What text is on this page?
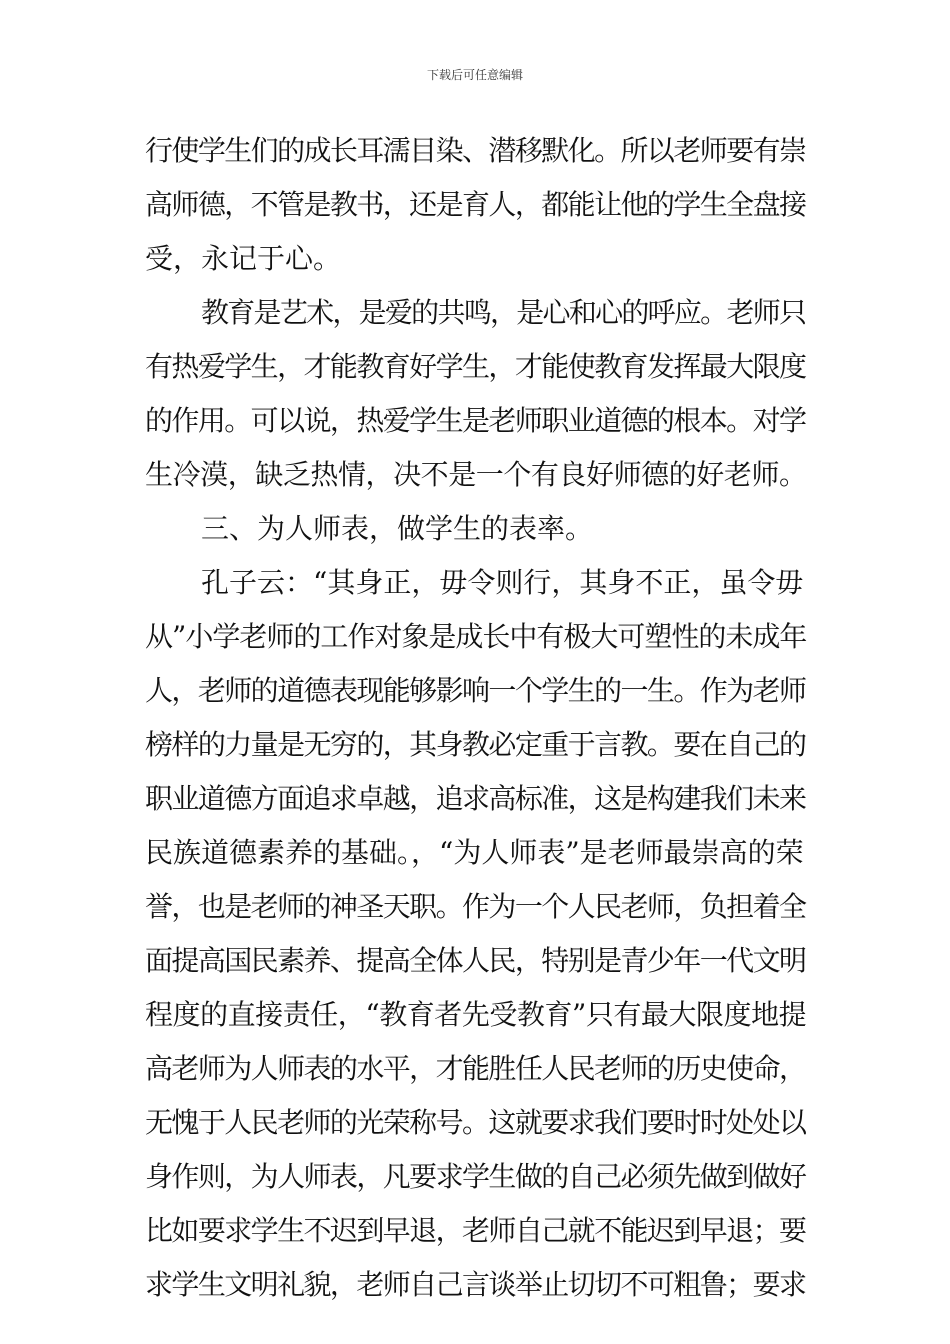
下载后可任意编辑
行使学生们的成长耳濡目染、潜移默化。所以老师要有崇
高师德，不管是教书，还是育人，都能让他的学生全盘接
受，永记于心。
教育是艺术，是爱的共鸣，是心和心的呼应。老师只
有热爱学生，才能教育好学生，才能使教育发挥最大限度
的作用。可以说，热爱学生是老师职业道德的根本。对学
生冷漠，缺乏热情，决不是一个有良好师德的好老师。
三、为人师表，做学生的表率。
孔子云：“其身正，毋令则行，其身不正，虽令毋
从”小学老师的工作对象是成长中有极大可塑性的未成年
人，老师的道德表现能够影响一个学生的一生。作为老师
榜样的力量是无穷的，其身教必定重于言教。要在自己的
职业道德方面追求卓越，追求高标准，这是构建我们未来
民族道德素养的基础。，“为人师表”是老师最崇高的荣
誉，也是老师的神圣天职。作为一个人民老师，负担着全
面提高国民素养、提高全体人民，特别是青少年一代文明
程度的直接责任，“教育者先受教育”只有最大限度地提
高老师为人师表的水平，才能胜任人民老师的历史使命，
无愧于人民老师的光荣称号。这就要求我们要时时处处以
身作则，为人师表，凡要求学生做的自己必须先做到做好
比如要求学生不迟到早退，老师自己就不能迟到早退；要
求学生文明礼貌，老师自己言谈举止切切不可粗鲁；要求
